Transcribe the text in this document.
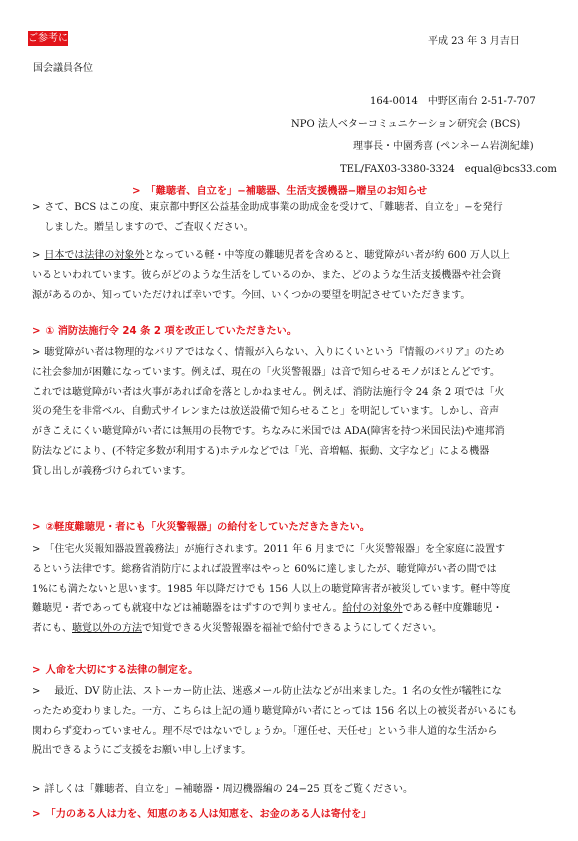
ご参考に	平成 23 年 3 月吉日
国会議員各位
164-0014　中野区南台 2-51-7-707
NPO 法人ベターコミュニケーション研究会 (BCS)
理事長・中園秀喜 (ペンネーム岩渕紀雄)
TEL/FAX03-3380-3324　equal@bcs33.com
> 「難聴者、自立を」−補聴器、生活支援機器−贈呈のお知らせ
> さて、BCS はこの度、東京都中野区公益基金助成事業の助成金を受けて、「難聴者、自立を」−を発行
しました。贈呈しますので、ご査収ください。
> 日本では法律の対象外となっている軽・中等度の難聴児者を含めると、聴覚障がい者が約 600 万人以上
いるといわれています。彼らがどのような生活をしているのか、また、どのような生活支援機器や社会資
源があるのか、知っていただければ幸いです。今回、いくつかの要望を明記させていただきます。
> ① 消防法施行令 24 条 2 項を改正していただきたい。
> 聴覚障がい者は物理的なバリアではなく、情報が入らない、入りにくいという『情報のバリア』のため
に社会参加が困難になっています。例えば、現在の「火災警報器」は音で知らせるモノがほとんどです。
これでは聴覚障がい者は火事があれば命を落としかねません。例えば、消防法施行令 24 条 2 項では「火
災の発生を非常ベル、自動式サイレンまたは放送設備で知らせること」を明記しています。しかし、音声
がきこえにくい聴覚障がい者には無用の長物です。ちなみに米国では ADA(障害を持つ米国民法)や連邦消
防法などにより、(不特定多数が利用する)ホテルなどでは「光、音増幅、振動、文字など」による機器
貸し出しが義務づけられています。
> ②軽度難聴児・者にも「火災警報器」の給付をしていただきたきたい。
> 「住宅火災報知器設置義務法」が施行されます。2011 年 6 月までに「火災警報器」を全家庭に設置す
るという法律です。総務省消防庁によれば設置率はやっと 60%に達しましたが、聴覚障がい者の間では
1%にも満たないと思います。1985 年以降だけでも 156 人以上の聴覚障害者が被災しています。軽中等度
難聴児・者であっても就寝中などは補聴器をはずすので判りません。給付の対象外である軽中度難聴児・
者にも、聴覚以外の方法で知覚できる火災警報器を福祉で給付できるようにしてください。
> 人命を大切にする法律の制定を。
>　最近、DV 防止法、ストーカー防止法、迷惑メール防止法などが出来ました。1 名の女性が犠牲にな
ったため変わりました。一方、こちらは上記の通り聴覚障がい者にとっては 156 名以上の被災者がいるにも
関わらず変わっていません。理不尽ではないでしょうか。「運任せ、天任せ」という非人道的な生活から
脱出できるようにご支援をお願い申し上げます。
> 詳しくは「難聴者、自立を」−補聴器・周辺機器編の 24−25 頁をご覧ください。
> 「力のある人は力を、知恵のある人は知恵を、お金のある人は寄付を」
